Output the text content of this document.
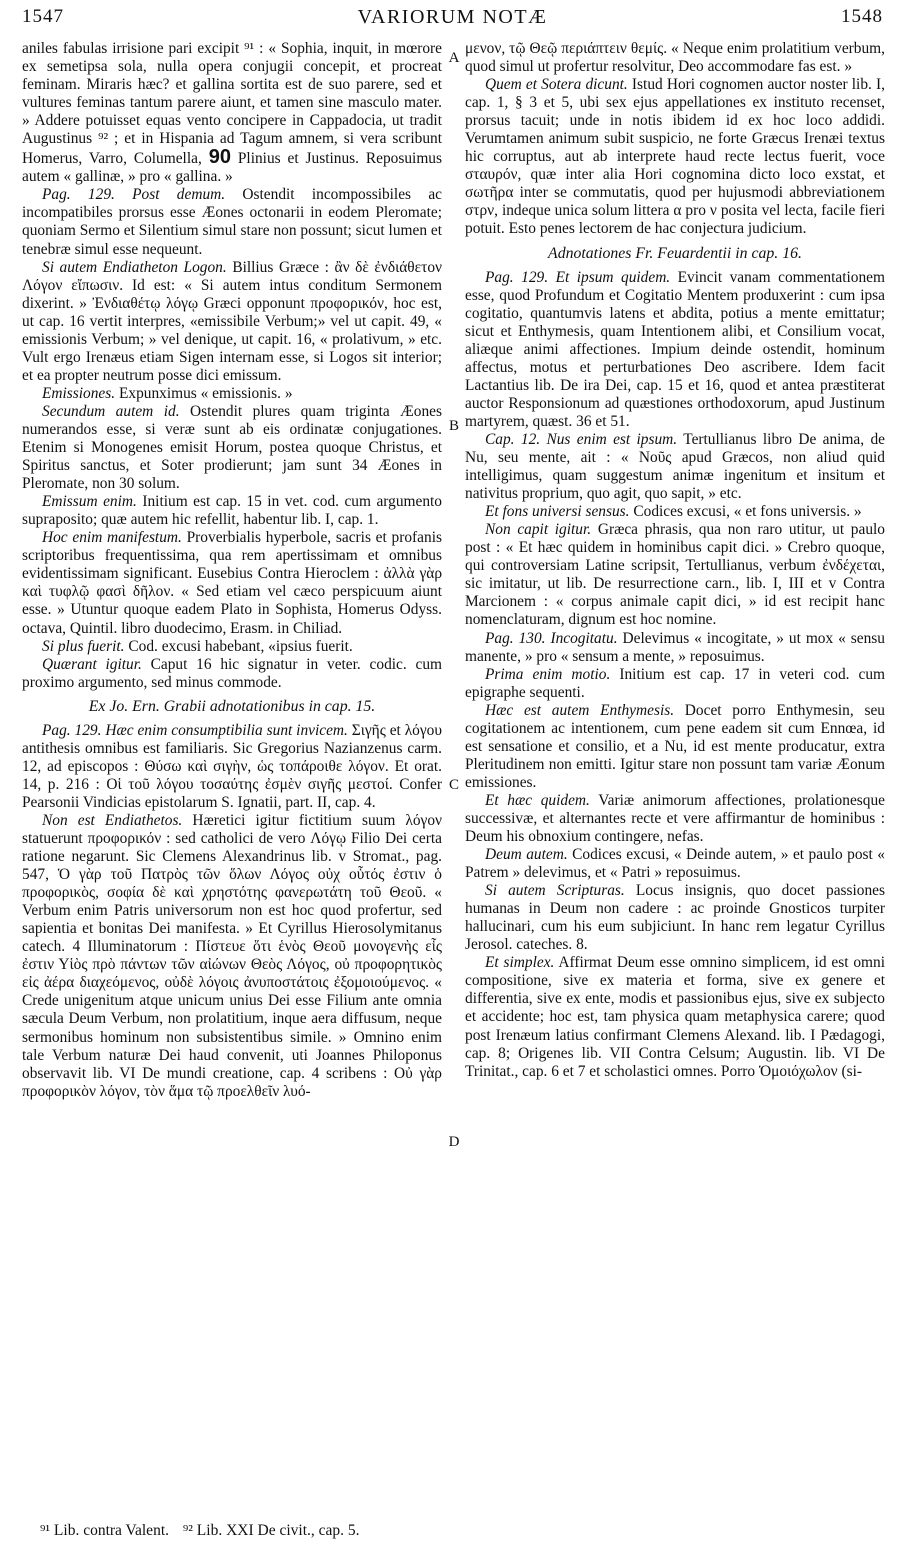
1547	VARIORUM NOTÆ	1548
A
B
C
D

aniles fabulas irrisione pari excipit ⁹¹ : « Sophia, inquit, in mœrore ex semetipsa sola, nulla opera conjugii concepit, et procreat feminam. Miraris hæc? et gallina sortita est de suo parere, sed et vultures feminas tantum parere aiunt, et tamen sine masculo mater. » Addere potuisset equas vento concipere in Cappadocia, ut tradit Augustinus ⁹² ; et in Hispania ad Tagum amnem, si vera scribunt Homerus, Varro, Columella, 90 Plinius et Justinus. Reposuimus autem « gallinæ, » pro « gallina. »

Pag. 129. Post demum. Ostendit incompossibiles ac incompatibiles prorsus esse Æones octonarii in eodem Pleromate; quoniam Sermo et Silentium simul stare non possunt; sicut lumen et tenebræ simul esse nequeunt.

Si autem Endiatheton Logon. Billius Græce : ἂν δὲ ἐνδιάθετον Λόγον εἴπωσιν. Id est: « Si autem intus conditum Sermonem dixerint. » Ἐνδιαθέτῳ λόγῳ Græci opponunt προφορικόν, hoc est, ut cap. 16 vertit interpres, «emissibile Verbum;» vel ut capit. 49, « emissionis Verbum; » vel denique, ut capit. 16, « prolativum, » etc. Vult ergo Irenæus etiam Sigen internam esse, si Logos sit interior; et ea propter neutrum posse dici emissum.

Emissiones. Expunximus « emissionis. »

Secundum autem id. Ostendit plures quam triginta Æones numerandos esse, si veræ sunt ab eis ordinatæ conjugationes. Etenim si Monogenes emisit Horum, postea quoque Christus, et Spiritus sanctus, et Soter prodierunt; jam sunt 34 Æones in Pleromate, non 30 solum.

Emissum enim. Initium est cap. 15 in vet. cod. cum argumento supraposito; quæ autem hic refellit, habentur lib. I, cap. 1.

Hoc enim manifestum. Proverbialis hyperbole, sacris et profanis scriptoribus frequentissima, qua rem apertissimam et omnibus evidentissimam significant. Eusebius Contra Hieroclem : ἀλλὰ γὰρ καὶ τυφλῷ φασὶ δῆλον. « Sed etiam vel cæco perspicuum aiunt esse. » Utuntur quoque eadem Plato in Sophista, Homerus Odyss. octava, Quintil. libro duodecimo, Erasm. in Chiliad.

Si plus fuerit. Cod. excusi habebant, «ipsius fuerit.

Quærant igitur. Caput 16 hic signatur in veter. codic. cum proximo argumento, sed minus commode.

Ex Jo. Ern. Grabii adnotationibus in cap. 15.

Pag. 129. Hæc enim consumptibilia sunt invicem. Σιγῆς et λόγου antithesis omnibus est familiaris. Sic Gregorius Nazianzenus carm. 12, ad episcopos : Θύσω καὶ σιγὴν, ὡς τοπάροιθε λόγον. Et orat. 14, p. 216 : Οἱ τοῦ λόγου τοσαύτης ἐσμὲν σιγῆς μεστοί. Confer Pearsonii Vindicias epistolarum S. Ignatii, part. II, cap. 4.

Non est Endiathetos. Hæretici igitur fictitium suum λόγον statuerunt προφορικόν : sed catholici de vero Λόγῳ Filio Dei certa ratione negarunt. Sic Clemens Alexandrinus lib. v Stromat., pag. 547, Ὁ γὰρ τοῦ Πατρὸς τῶν ὅλων Λόγος οὐχ οὗτός ἐστιν ὁ προφορικὸς, σοφία δὲ καὶ χρηστότης φανερωτάτη τοῦ Θεοῦ. « Verbum enim Patris universorum non est hoc quod profertur, sed sapientia et bonitas Dei manifesta. » Et Cyrillus Hierosolymitanus catech. 4 Illuminatorum : Πίστευε ὅτι ἑνὸς Θεοῦ μονογενὴς εἷς ἐστιν Υἱὸς πρὸ πάντων τῶν αἰώνων Θεὸς Λόγος, οὐ προφορητικὸς εἰς ἀέρα διαχεόμενος, οὐδὲ λόγοις ἀνυποστάτοις ἐξομοιούμενος. « Crede unigenitum atque unicum unius Dei esse Filium ante omnia sæcula Deum Verbum, non prolatitium, inque aera diffusum, neque sermonibus hominum non subsistentibus simile. » Omnino enim tale Verbum naturæ Dei haud convenit, uti Joannes Philoponus observavit lib. VI De mundi creatione, cap. 4 scribens : Οὐ γὰρ προφορικὸν λόγον, τὸν ἅμα τῷ προελθεῖν λυό-

μενον, τῷ Θεῷ περιάπτειν θεμίς. « Neque enim prolatitium verbum, quod simul ut profertur resolvitur, Deo accommodare fas est. »

Quem et Sotera dicunt. Istud Hori cognomen auctor noster lib. I, cap. 1, § 3 et 5, ubi sex ejus appellationes ex instituto recenset, prorsus tacuit; unde in notis ibidem id ex hoc loco addidi. Verumtamen animum subit suspicio, ne forte Græcus Irenæi textus hic corruptus, aut ab interprete haud recte lectus fuerit, voce σταυρόν, quæ inter alia Hori cognomina dicto loco exstat, et σωτῆρα inter se commutatis, quod per hujusmodi abbreviationem στρν, indeque unica solum littera α pro ν posita vel lecta, facile fieri potuit. Esto penes lectorem de hac conjectura judicium.

Adnotationes Fr. Feuardentii in cap. 16.

Pag. 129. Et ipsum quidem. Evincit vanam commentationem esse, quod Profundum et Cogitatio Mentem produxerint : cum ipsa cogitatio, quantumvis latens et abdita, potius a mente emittatur; sicut et Enthymesis, quam Intentionem alibi, et Consilium vocat, aliæque animi affectiones. Impium deinde ostendit, hominum affectus, motus et perturbationes Deo ascribere. Idem facit Lactantius lib. De ira Dei, cap. 15 et 16, quod et antea præstiterat auctor Responsionum ad quæstiones orthodoxorum, apud Justinum martyrem, quæst. 36 et 51.

Cap. 12. Nus enim est ipsum. Tertullianus libro De anima, de Nu, seu mente, ait : « Νοῦς apud Græcos, non aliud quid intelligimus, quam suggestum animæ ingenitum et insitum et nativitus proprium, quo agit, quo sapit, » etc.

Et fons universi sensus. Codices excusi, « et fons universis. »

Non capit igitur. Græca phrasis, qua non raro utitur, ut paulo post : « Et hæc quidem in hominibus capit dici. » Crebro quoque, qui controversiam Latine scripsit, Tertullianus, verbum ἐνδέχεται, sic imitatur, ut lib. De resurrectione carn., lib. I, III et v Contra Marcionem : « corpus animale capit dici, » id est recipit hanc nomenclaturam, dignum est hoc nomine.

Pag. 130. Incogitatu. Delevimus « incogitate, » ut mox « sensu manente, » pro « sensum a mente, » reposuimus.

Prima enim motio. Initium est cap. 17 in veteri cod. cum epigraphe sequenti.

Hæc est autem Enthymesis. Docet porro Enthymesin, seu cogitationem ac intentionem, cum pene eadem sit cum Ennœa, id est sensatione et consilio, et a Nu, id est mente producatur, extra Pleritudinem non emitti. Igitur stare non possunt tam variæ Æonum emissiones.

Et hæc quidem. Variæ animorum affectiones, prolationesque successivæ, et alternantes recte et vere affirmantur de hominibus : Deum his obnoxium contingere, nefas.

Deum autem. Codices excusi, « Deinde autem, » et paulo post « Patrem » delevimus, et « Patri » reposuimus.

Si autem Scripturas. Locus insignis, quo docet passiones humanas in Deum non cadere : ac proinde Gnosticos turpiter hallucinari, cum his eum subjiciunt. In hanc rem legatur Cyrillus Jerosol. cateches. 8.

Et simplex. Affirmat Deum esse omnino simplicem, id est omni compositione, sive ex materia et forma, sive ex genere et differentia, sive ex ente, modis et passionibus ejus, sive ex subjecto et accidente; hoc est, tam physica quam metaphysica carere; quod post Irenæum latius confirmant Clemens Alexand. lib. I Pædagogi, cap. 8; Origenes lib. VII Contra Celsum; Augustin. lib. VI De Trinitat., cap. 6 et 7 et scholastici omnes. Porro Ὁμοιόχωλον (si-

⁹¹ Lib. contra Valent. ⁹² Lib. XXI De civit., cap. 5.
